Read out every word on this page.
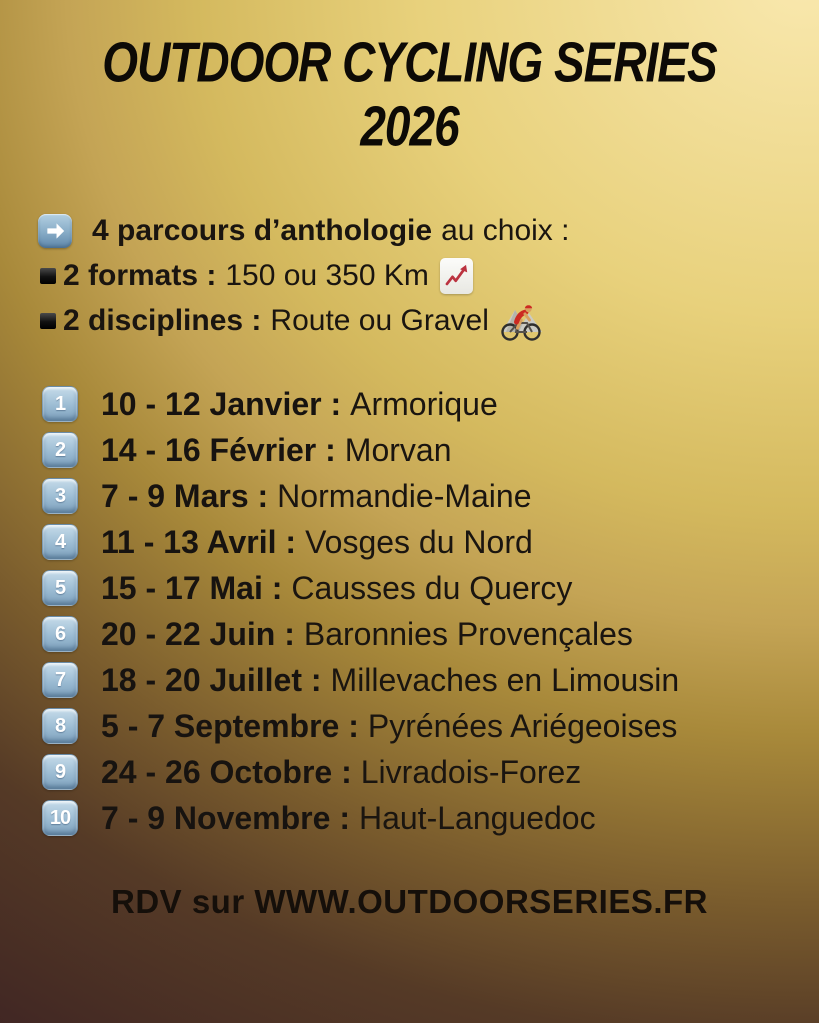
OUTDOOR CYCLING SERIES
2026
4 parcours d’anthologie au choix :
2 formats : 150 ou 350 Km
2 disciplines : Route ou Gravel
1	10 - 12 Janvier : Armorique
2	14 - 16 Février : Morvan
3	7 - 9 Mars : Normandie-Maine
4	11 - 13 Avril : Vosges du Nord
5	15 - 17 Mai : Causses du Quercy
6	20 - 22 Juin : Baronnies Provençales
7	18 - 20 Juillet : Millevaches en Limousin
8	5 - 7 Septembre : Pyrénées Ariégeoises
9	24 - 26 Octobre : Livradois-Forez
10 7 - 9 Novembre : Haut-Languedoc
RDV sur WWW.OUTDOORSERIES.FR
